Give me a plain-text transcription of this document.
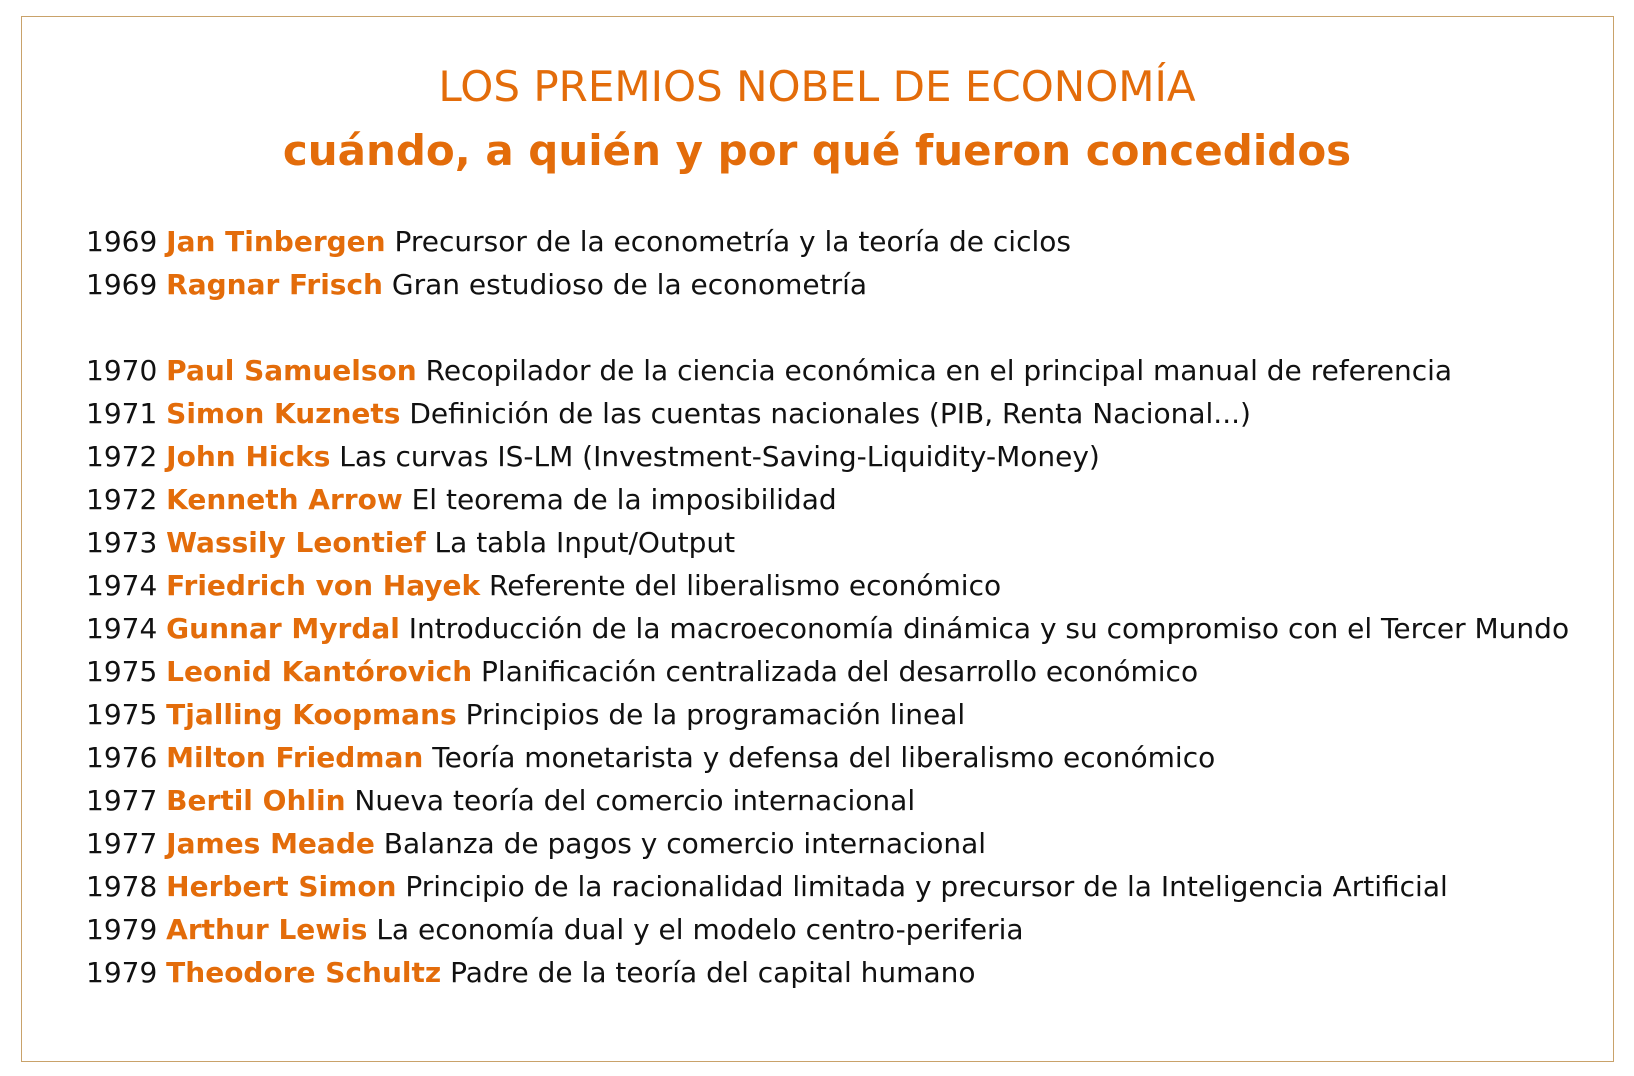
LOS PREMIOS NOBEL DE ECONOMÍA
cuándo, a quién y por qué fueron concedidos
1969 Jan Tinbergen Precursor de la econometría y la teoría de ciclos
1969 Ragnar Frisch Gran estudioso de la econometría
1970 Paul Samuelson Recopilador de la ciencia económica en el principal manual de referencia
1971 Simon Kuznets Definición de las cuentas nacionales (PIB, Renta Nacional...)
1972 John Hicks Las curvas IS-LM (Investment-Saving-Liquidity-Money)
1972 Kenneth Arrow El teorema de la imposibilidad
1973 Wassily Leontief La tabla Input/Output
1974 Friedrich von Hayek Referente del liberalismo económico
1974 Gunnar Myrdal Introducción de la macroeconomía dinámica y su compromiso con el Tercer Mundo
1975 Leonid Kantórovich Planificación centralizada del desarrollo económico
1975 Tjalling Koopmans Principios de la programación lineal
1976 Milton Friedman Teoría monetarista y defensa del liberalismo económico
1977 Bertil Ohlin Nueva teoría del comercio internacional
1977 James Meade Balanza de pagos y comercio internacional
1978 Herbert Simon Principio de la racionalidad limitada y precursor de la Inteligencia Artificial
1979 Arthur Lewis La economía dual y el modelo centro-periferia
1979 Theodore Schultz Padre de la teoría del capital humano
